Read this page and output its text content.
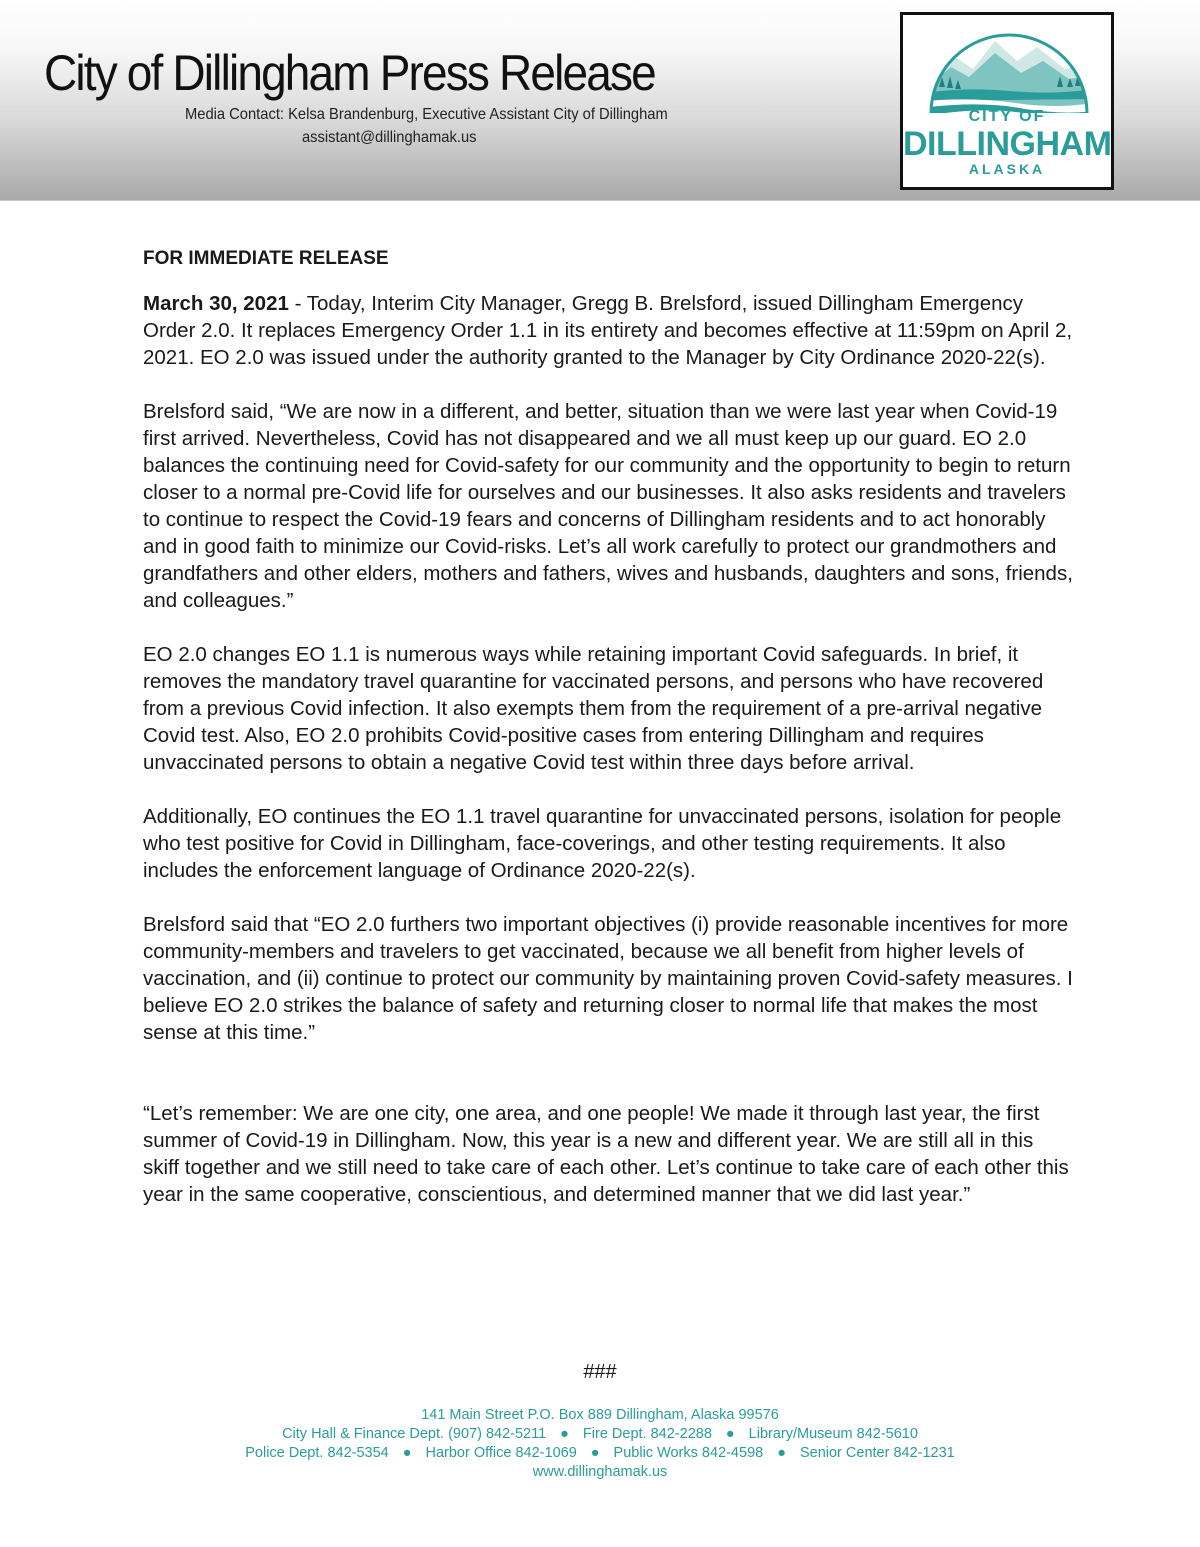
City of Dillingham Press Release
Media Contact: Kelsa Brandenburg, Executive Assistant City of Dillingham
assistant@dillinghamak.us
CITY OF
DILLINGHAM
ALASKA

FOR IMMEDIATE RELEASE

March 30, 2021 - Today, Interim City Manager, Gregg B. Brelsford, issued Dillingham Emergency Order 2.0. It replaces Emergency Order 1.1 in its entirety and becomes effective at 11:59pm on April 2, 2021. EO 2.0 was issued under the authority granted to the Manager by City Ordinance 2020-22(s).

Brelsford said, “We are now in a different, and better, situation than we were last year when Covid-19 first arrived. Nevertheless, Covid has not disappeared and we all must keep up our guard. EO 2.0 balances the continuing need for Covid-safety for our community and the opportunity to begin to return closer to a normal pre-Covid life for ourselves and our businesses. It also asks residents and travelers to continue to respect the Covid-19 fears and concerns of Dillingham residents and to act honorably and in good faith to minimize our Covid-risks. Let’s all work carefully to protect our grandmothers and grandfathers and other elders, mothers and fathers, wives and husbands, daughters and sons, friends, and colleagues.”

EO 2.0 changes EO 1.1 is numerous ways while retaining important Covid safeguards. In brief, it removes the mandatory travel quarantine for vaccinated persons, and persons who have recovered from a previous Covid infection. It also exempts them from the requirement of a pre-arrival negative Covid test. Also, EO 2.0 prohibits Covid-positive cases from entering Dillingham and requires unvaccinated persons to obtain a negative Covid test within three days before arrival.

Additionally, EO continues the EO 1.1 travel quarantine for unvaccinated persons, isolation for people who test positive for Covid in Dillingham, face-coverings, and other testing requirements. It also includes the enforcement language of Ordinance 2020-22(s).

Brelsford said that “EO 2.0 furthers two important objectives (i) provide reasonable incentives for more community-members and travelers to get vaccinated, because we all benefit from higher levels of vaccination, and (ii) continue to protect our community by maintaining proven Covid-safety measures. I believe EO 2.0 strikes the balance of safety and returning closer to normal life that makes the most sense at this time.”

“Let’s remember: We are one city, one area, and one people! We made it through last year, the first summer of Covid-19 in Dillingham. Now, this year is a new and different year. We are still all in this skiff together and we still need to take care of each other. Let’s continue to take care of each other this year in the same cooperative, conscientious, and determined manner that we did last year.”

###
141 Main Street P.O. Box 889 Dillingham, Alaska 99576
City Hall & Finance Dept. (907) 842-5211 ● Fire Dept. 842-2288 ● Library/Museum 842-5610
Police Dept. 842-5354 ● Harbor Office 842-1069 ● Public Works 842-4598 ● Senior Center 842-1231
www.dillinghamak.us
